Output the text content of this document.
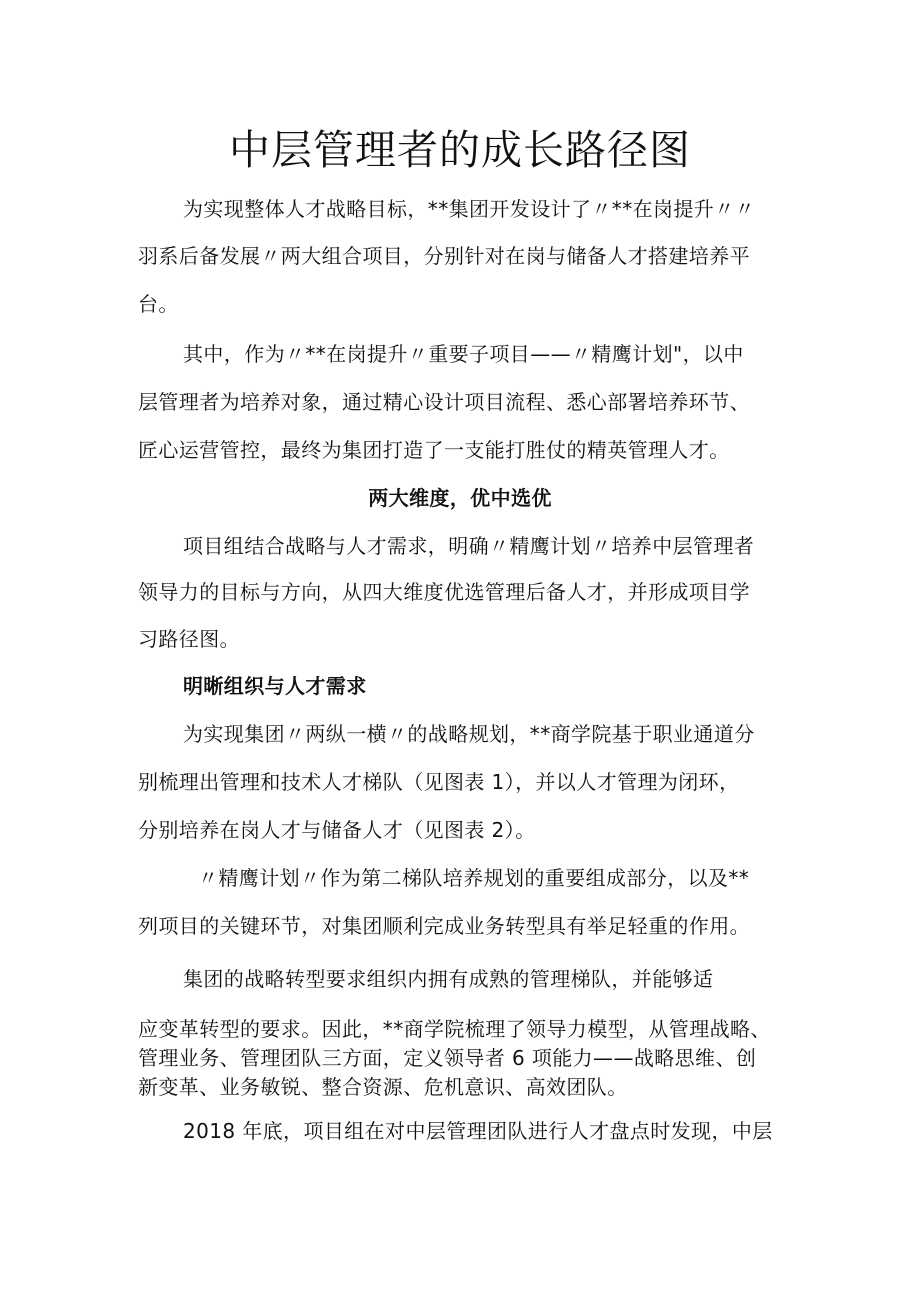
中层管理者的成长路径图
为实现整体人才战略目标，**集团开发设计了〃**在岗提升〃〃
羽系后备发展〃两大组合项目，分别针对在岗与储备人才搭建培养平
台。
其中，作为〃**在岗提升〃重要子项目——〃精鹰计划"，以中
层管理者为培养对象，通过精心设计项目流程、悉心部署培养环节、
匠心运营管控，最终为集团打造了一支能打胜仗的精英管理人才。
两大维度，优中选优
项目组结合战略与人才需求，明确〃精鹰计划〃培养中层管理者
领导力的目标与方向，从四大维度优选管理后备人才，并形成项目学
习路径图。
明晰组织与人才需求
为实现集团〃两纵一横〃的战略规划，**商学院基于职业通道分
别梳理出管理和技术人才梯队（见图表 1），并以人才管理为闭环，
分别培养在岗人才与储备人才（见图表 2）。
〃精鹰计划〃作为第二梯队培养规划的重要组成部分，以及**
列项目的关键环节，对集团顺利完成业务转型具有举足轻重的作用。
集团的战略转型要求组织内拥有成熟的管理梯队，并能够适
应变革转型的要求。因此，**商学院梳理了领导力模型，从管理战略、
管理业务、管理团队三方面，定义领导者 6 项能力——战略思维、创
新变革、业务敏锐、整合资源、危机意识、高效团队。
2018 年底，项目组在对中层管理团队进行人才盘点时发现，中层
